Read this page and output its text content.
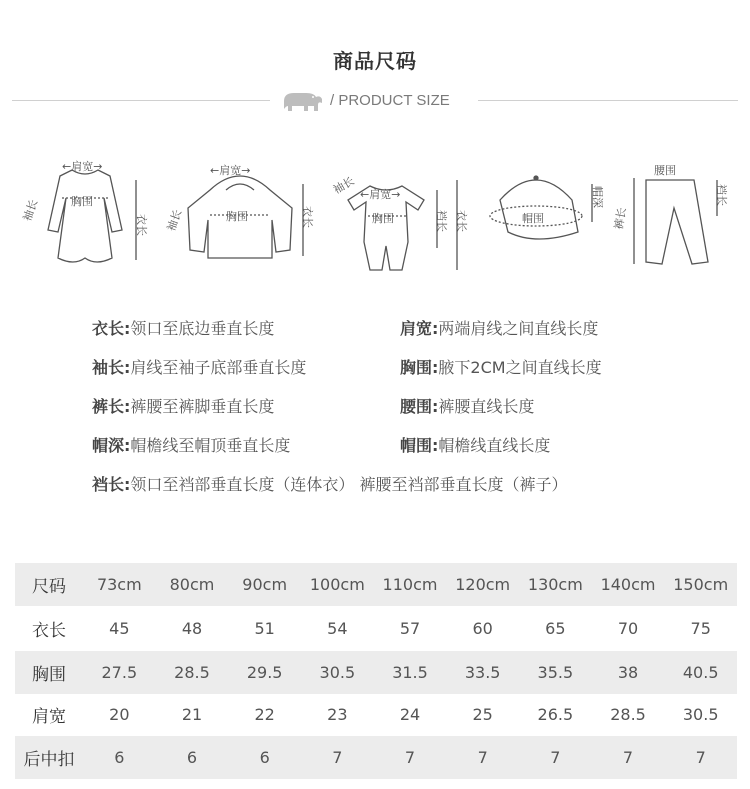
商品尺码
/ PRODUCT SIZE
←肩宽→
胸围
袖长
衣长
←肩宽→
胸围
袖长	衣长
←肩宽→
胸围
袖长
裆长 衣长	帽围
帽深
腰围
裤长
裆长
衣长:领口至底边垂直长度	肩宽:两端肩线之间直线长度
袖长:肩线至袖子底部垂直长度	胸围:腋下2CM之间直线长度
裤长:裤腰至裤脚垂直长度	腰围:裤腰直线长度
帽深:帽檐线至帽顶垂直长度	帽围:帽檐线直线长度
裆长:领口至裆部垂直长度（连体衣） 裤腰至裆部垂直长度（裤子）
尺码	73cm	80cm	90cm	100cm	110cm	120cm	130cm	140cm	150cm
衣长	45	48	51	54	57	60	65	70	75
胸围	27.5	28.5	29.5	30.5	31.5	33.5	35.5	38	40.5
肩宽	20	21	22	23	24	25	26.5	28.5	30.5
后中扣	6	6	6	7	7	7	7	7	7
